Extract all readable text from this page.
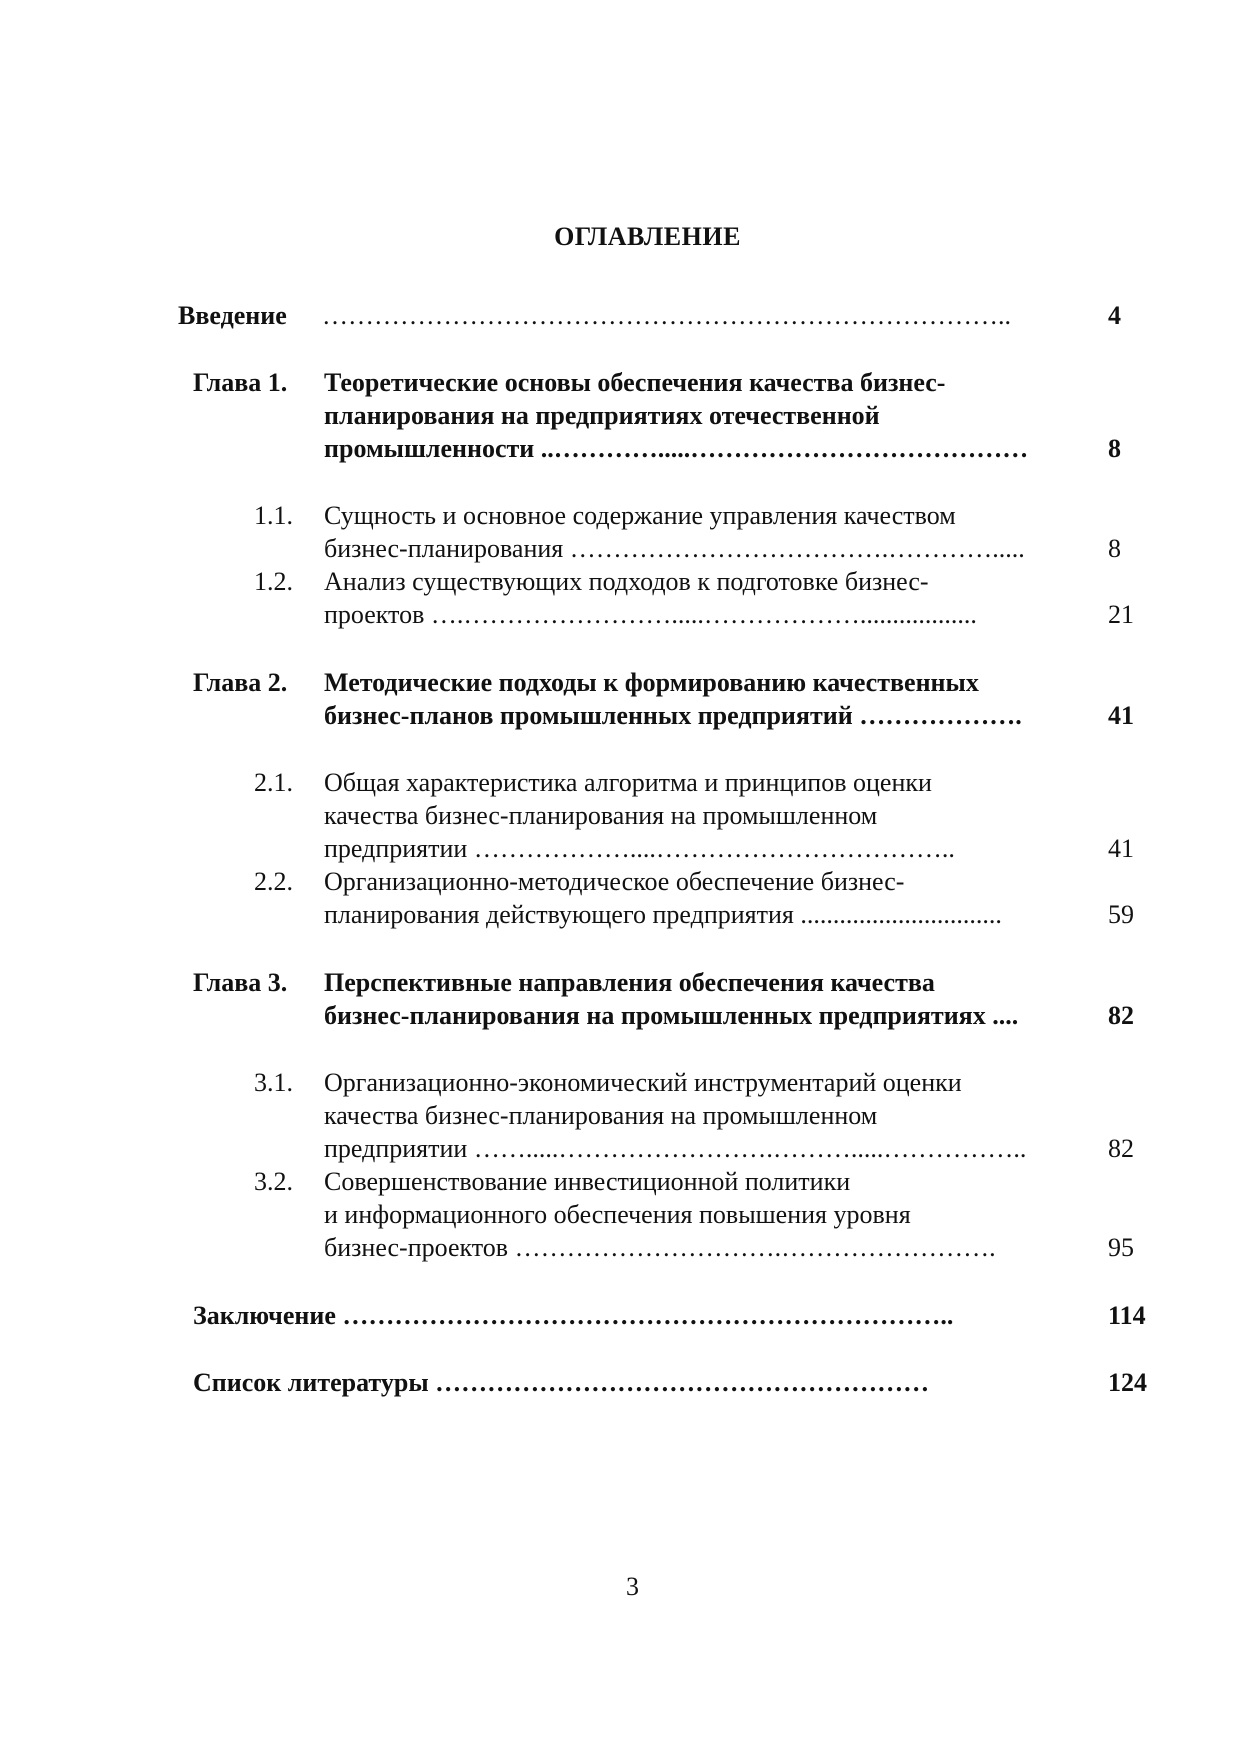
ОГЛАВЛЕНИЕ
Введение ……………………………………………………………………..	4
Глава 1. Теоретические основы обеспечения качества бизнес-
планирования на предприятиях отечественной
промышленности ..………….....…………………………………	8
1.1. Сущность и основное содержание управления качеством
бизнес-планирования ……………………………….………….....	8
1.2. Анализ существующих подходов к подготовке бизнес-
проектов ….…………………….....………………..................	21
Глава 2. Методические подходы к формированию качественных
бизнес-планов промышленных предприятий ……………….	41
2.1. Общая характеристика алгоритма и принципов оценки
качества бизнес-планирования на промышленном
предприятии ………………....……………………………..	41
2.2. Организационно-методическое обеспечение бизнес-
планирования действующего предприятия ...............................	59
Глава 3. Перспективные направления обеспечения качества
бизнес-планирования на промышленных предприятиях ....	82
3.1. Организационно-экономический инструментарий оценки
качества бизнес-планирования на промышленном
предприятии …….....…………………….……….....……………..	82
3.2. Совершенствование инвестиционной политики
и информационного обеспечения повышения уровня
бизнес-проектов ………………………….…………………….	95
Заключение ……………………………………………………………..	114
Список литературы …………………………………………………	124
3
